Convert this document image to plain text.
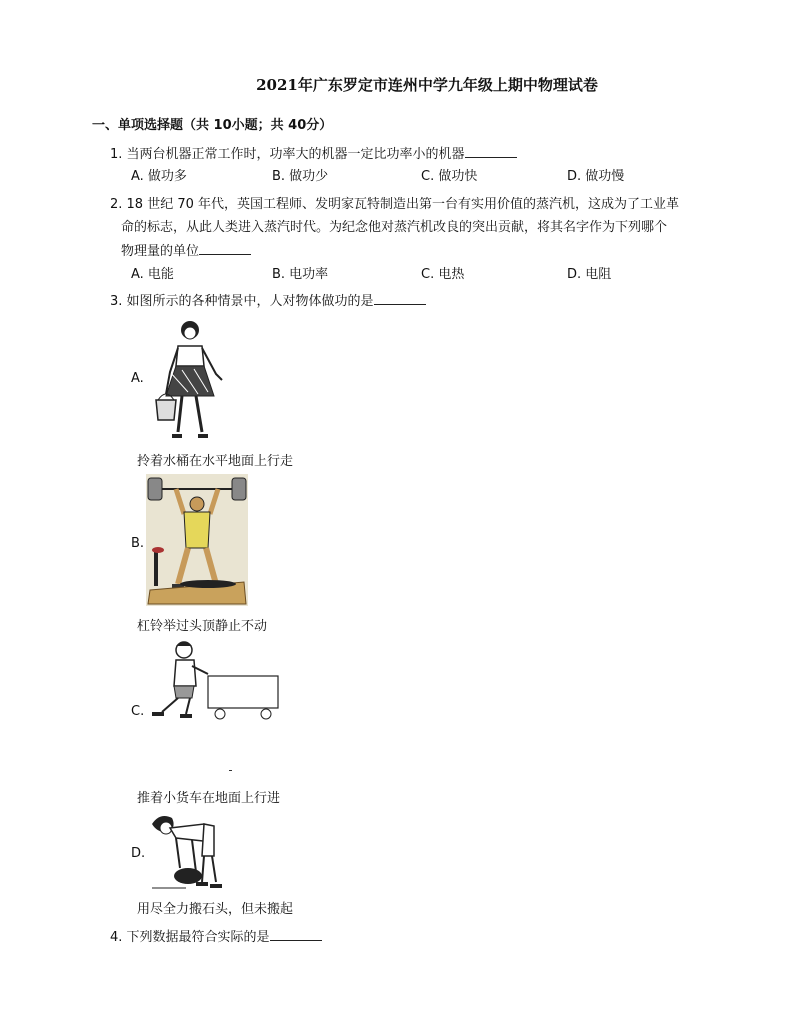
2021年广东罗定市连州中学九年级上期中物理试卷
一、单项选择题（共 10小题；共 40分）
1. 当两台机器正常工作时，功率大的机器一定比功率小的机器
A. 做功多	B. 做功少	C. 做功快	D. 做功慢
2. 18 世纪 70 年代，英国工程师、发明家瓦特制造出第一台有实用价值的蒸汽机，这成为了工业革
命的标志，从此人类进入蒸汽时代。为纪念他对蒸汽机改良的突出贡献，将其名字作为下列哪个
物理量的单位
A. 电能	B. 电功率	C. 电热	D. 电阻
3. 如图所示的各种情景中，人对物体做功的是
A.
拎着水桶在水平地面上行走
B.
杠铃举过头顶静止不动
C.
推着小货车在地面上行进
D.
用尽全力搬石头，但未搬起
4. 下列数据最符合实际的是
